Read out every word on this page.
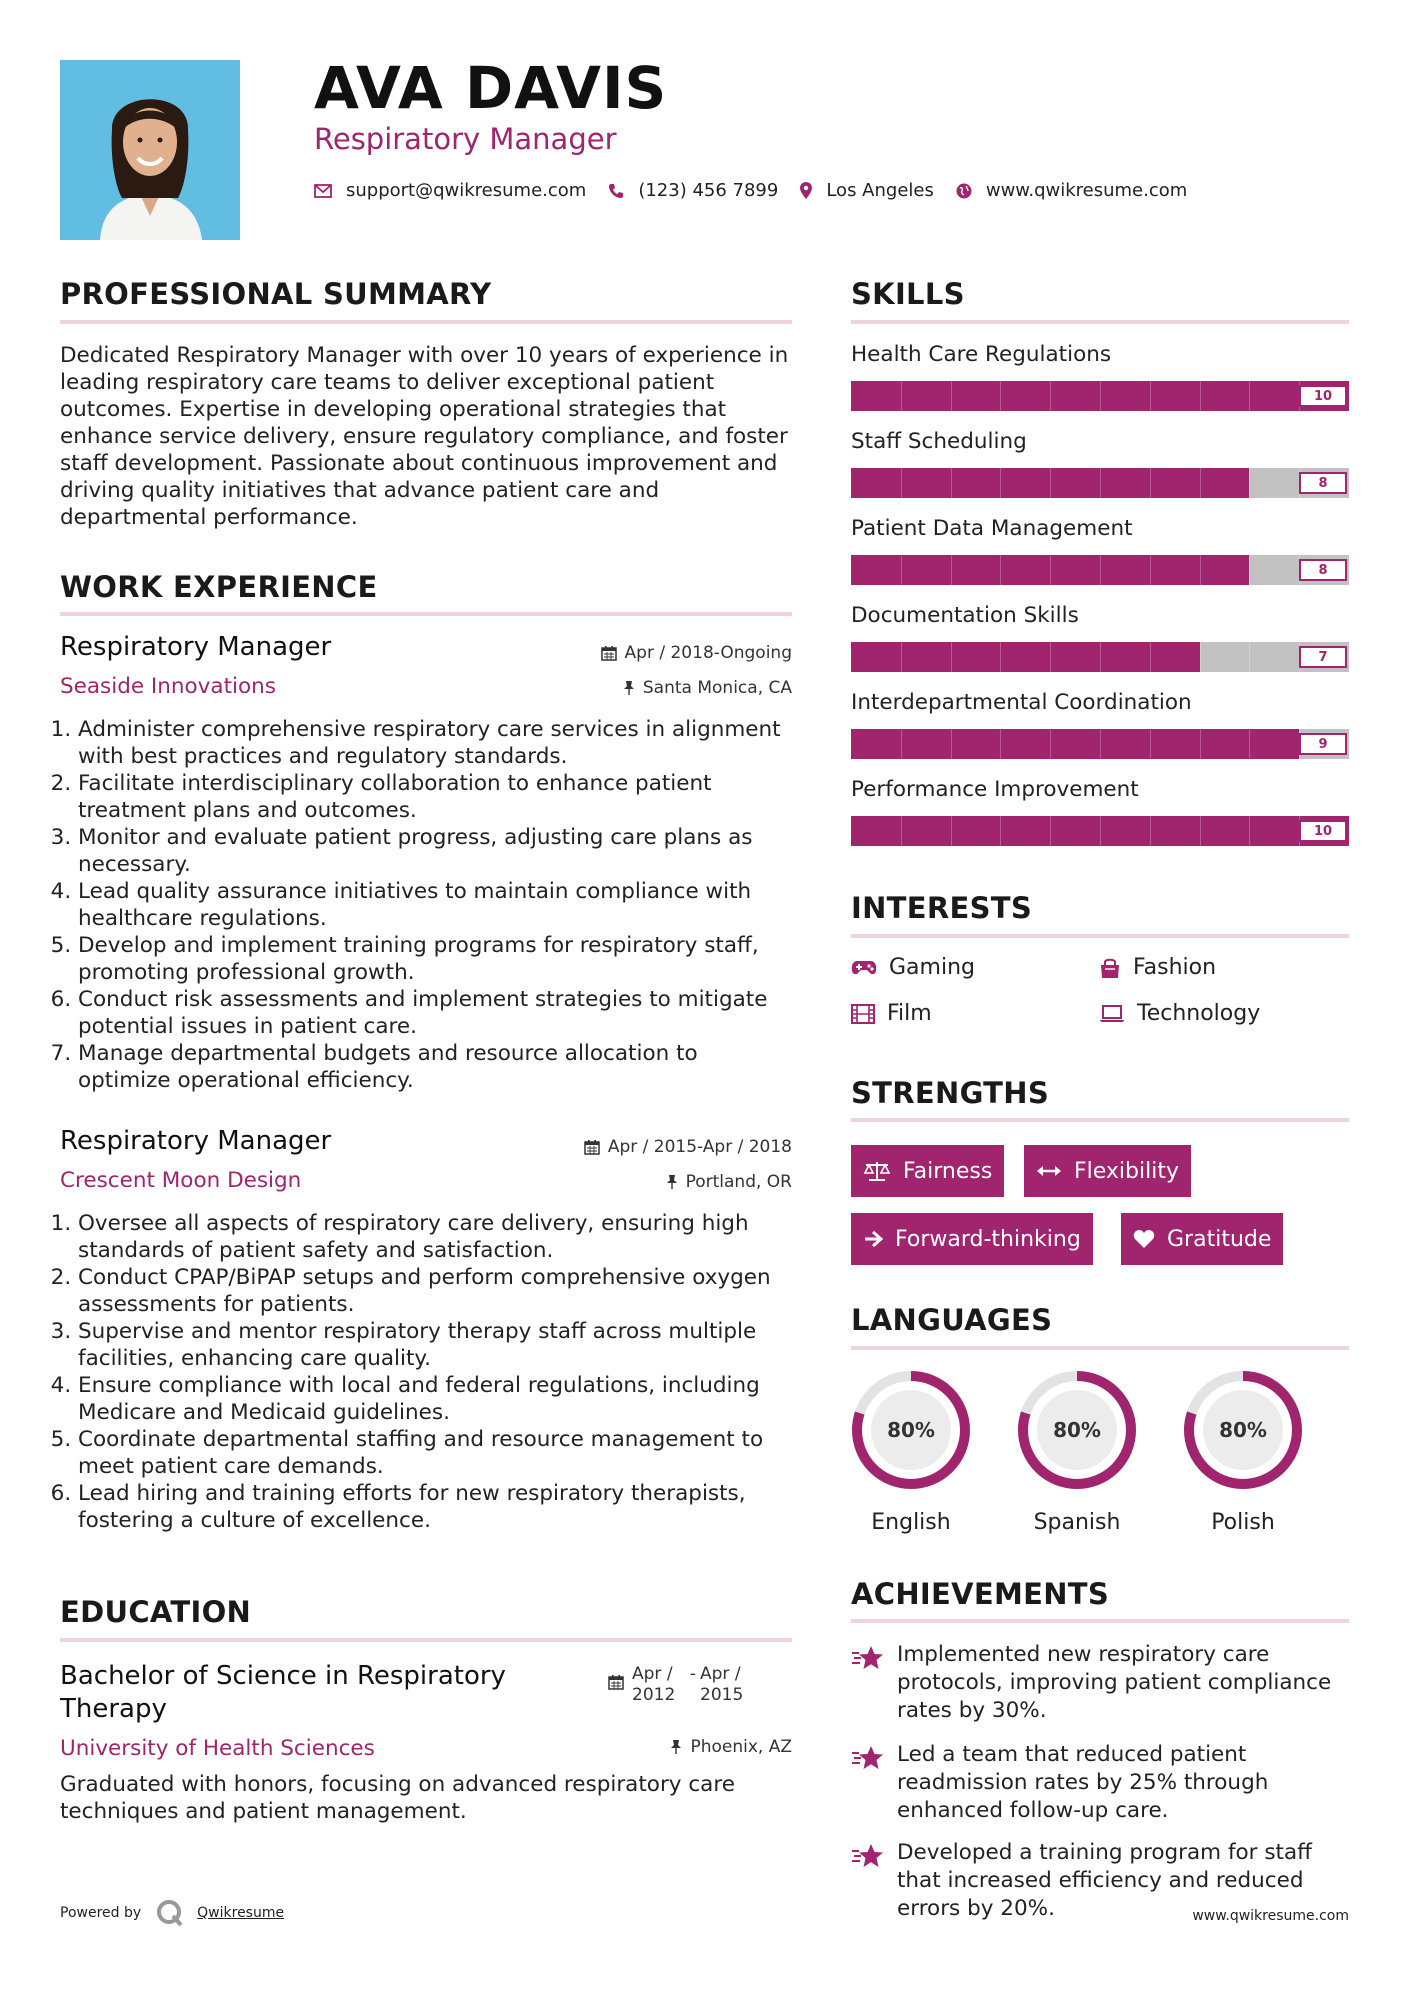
AVA DAVIS
Respiratory Manager
support@qwikresume.com	(123) 456 7899	Los Angeles	www.qwikresume.com
PROFESSIONAL SUMMARY
Dedicated Respiratory Manager with over 10 years of experience in leading respiratory care teams to deliver exceptional patient outcomes. Expertise in developing operational strategies that enhance service delivery, ensure regulatory compliance, and foster staff development. Passionate about continuous improvement and driving quality initiatives that advance patient care and departmental performance.
WORK EXPERIENCE
Respiratory Manager	Apr / 2018-Ongoing
Seaside Innovations	Santa Monica, CA
1. Administer comprehensive respiratory care services in alignment with best practices and regulatory standards.
2. Facilitate interdisciplinary collaboration to enhance patient treatment plans and outcomes.
3. Monitor and evaluate patient progress, adjusting care plans as necessary.
4. Lead quality assurance initiatives to maintain compliance with healthcare regulations.
5. Develop and implement training programs for respiratory staff, promoting professional growth.
6. Conduct risk assessments and implement strategies to mitigate potential issues in patient care.
7. Manage departmental budgets and resource allocation to optimize operational efficiency.
Respiratory Manager	Apr / 2015-Apr / 2018
Crescent Moon Design	Portland, OR
1. Oversee all aspects of respiratory care delivery, ensuring high standards of patient safety and satisfaction.
2. Conduct CPAP/BiPAP setups and perform comprehensive oxygen assessments for patients.
3. Supervise and mentor respiratory therapy staff across multiple facilities, enhancing care quality.
4. Ensure compliance with local and federal regulations, including Medicare and Medicaid guidelines.
5. Coordinate departmental staffing and resource management to meet patient care demands.
6. Lead hiring and training efforts for new respiratory therapists, fostering a culture of excellence.
EDUCATION
Bachelor of Science in Respiratory Therapy
Apr / 2012
- Apr / 2015
University of Health Sciences	Phoenix, AZ
Graduated with honors, focusing on advanced respiratory care techniques and patient management.
SKILLS
Health Care Regulations
10
Staff Scheduling
8
Patient Data Management
8
Documentation Skills
7
Interdepartmental Coordination
9
Performance Improvement
10
INTERESTS
Gaming	Fashion
Film	Technology
STRENGTHS
Fairness	Flexibility
Forward-thinking	Gratitude
LANGUAGES
80%
English
80%
Spanish
80%
Polish
ACHIEVEMENTS
Implemented new respiratory care protocols, improving patient compliance rates by 30%.
Led a team that reduced patient readmission rates by 25% through enhanced follow-up care.
Developed a training program for staff that increased efficiency and reduced errors by 20%.
Powered by	Qwikresume	www.qwikresume.com
